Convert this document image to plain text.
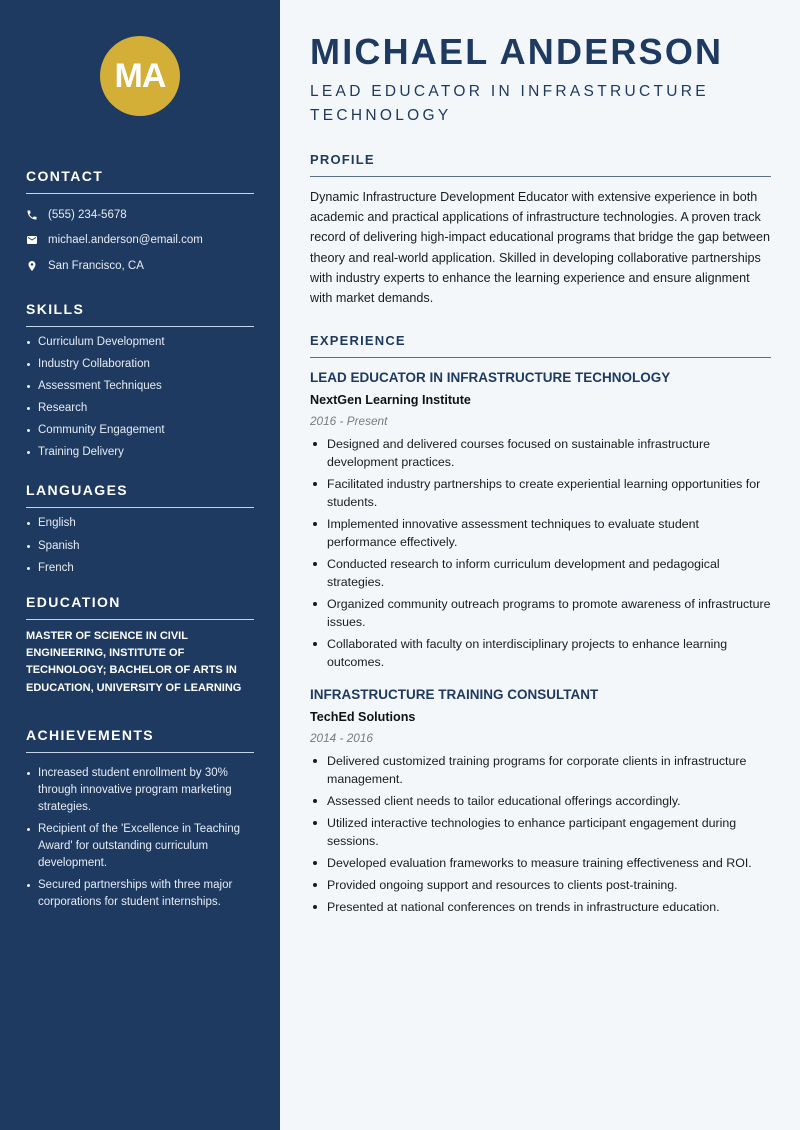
MA
CONTACT
(555) 234-5678
michael.anderson@email.com
San Francisco, CA
SKILLS
Curriculum Development
Industry Collaboration
Assessment Techniques
Research
Community Engagement
Training Delivery
LANGUAGES
English
Spanish
French
EDUCATION

MASTER OF SCIENCE IN CIVIL ENGINEERING, INSTITUTE OF TECHNOLOGY; BACHELOR OF ARTS IN EDUCATION, UNIVERSITY OF LEARNING

ACHIEVEMENTS
Increased student enrollment by 30% through innovative program marketing strategies.
Recipient of the 'Excellence in Teaching Award' for outstanding curriculum development.
Secured partnerships with three major corporations for student internships.
MICHAEL ANDERSON
LEAD EDUCATOR IN INFRASTRUCTURE TECHNOLOGY
PROFILE

Dynamic Infrastructure Development Educator with extensive experience in both academic and practical applications of infrastructure technologies. A proven track record of delivering high-impact educational programs that bridge the gap between theory and real-world application. Skilled in developing collaborative partnerships with industry experts to enhance the learning experience and ensure alignment with market demands.

EXPERIENCE
LEAD EDUCATOR IN INFRASTRUCTURE TECHNOLOGY
NextGen Learning Institute
2016 - Present
Designed and delivered courses focused on sustainable infrastructure development practices.
Facilitated industry partnerships to create experiential learning opportunities for students.
Implemented innovative assessment techniques to evaluate student performance effectively.
Conducted research to inform curriculum development and pedagogical strategies.
Organized community outreach programs to promote awareness of infrastructure issues.
Collaborated with faculty on interdisciplinary projects to enhance learning outcomes.
INFRASTRUCTURE TRAINING CONSULTANT
TechEd Solutions
2014 - 2016
Delivered customized training programs for corporate clients in infrastructure management.
Assessed client needs to tailor educational offerings accordingly.
Utilized interactive technologies to enhance participant engagement during sessions.
Developed evaluation frameworks to measure training effectiveness and ROI.
Provided ongoing support and resources to clients post-training.
Presented at national conferences on trends in infrastructure education.
